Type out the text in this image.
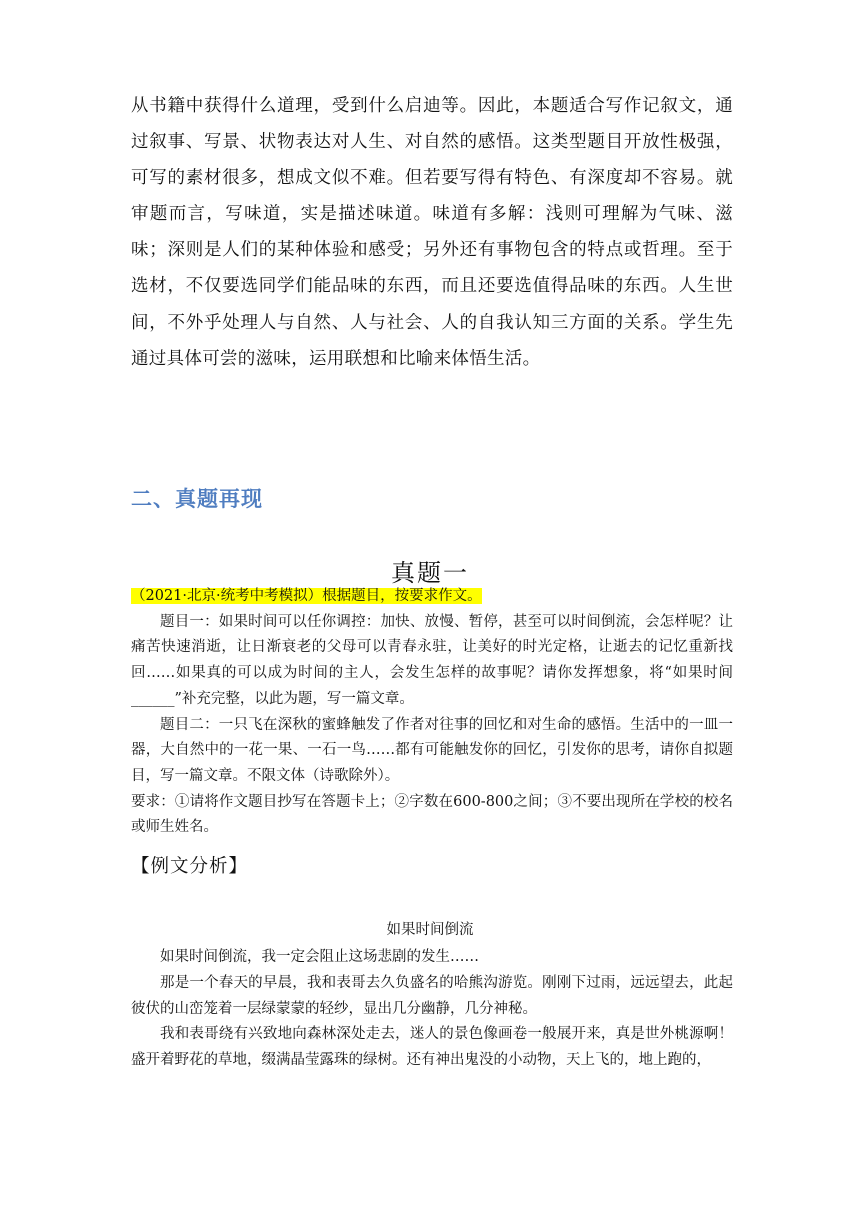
从书籍中获得什么道理，受到什么启迪等。因此，本题适合写作记叙文，通过叙事、写景、状物表达对人生、对自然的感悟。这类型题目开放性极强，可写的素材很多，想成文似不难。但若要写得有特色、有深度却不容易。就审题而言，写味道，实是描述味道。味道有多解：浅则可理解为气味、滋味；深则是人们的某种体验和感受；另外还有事物包含的特点或哲理。至于选材，不仅要选同学们能品味的东西，而且还要选值得品味的东西。人生世间，不外乎处理人与自然、人与社会、人的自我认知三方面的关系。学生先通过具体可尝的滋味，运用联想和比喻来体悟生活。

二、真题再现
真题一

（2021·北京·统考中考模拟）根据题目，按要求作文。

题目一：如果时间可以任你调控：加快、放慢、暂停，甚至可以时间倒流，会怎样呢？让痛苦快速消逝，让日渐衰老的父母可以青春永驻，让美好的时光定格，让逝去的记忆重新找回……如果真的可以成为时间的主人，会发生怎样的故事呢？请你发挥想象，将“如果时间______”补充完整，以此为题，写一篇文章。

题目二：一只飞在深秋的蜜蜂触发了作者对往事的回忆和对生命的感悟。生活中的一皿一器，大自然中的一花一果、一石一鸟……都有可能触发你的回忆，引发你的思考，请你自拟题目，写一篇文章。不限文体（诗歌除外）。

要求：①请将作文题目抄写在答题卡上；②字数在600-800之间；③不要出现所在学校的校名或师生姓名。

【例文分析】
如果时间倒流

如果时间倒流，我一定会阻止这场悲剧的发生……

那是一个春天的早晨，我和表哥去久负盛名的哈熊沟游览。刚刚下过雨，远远望去，此起彼伏的山峦笼着一层绿蒙蒙的轻纱，显出几分幽静，几分神秘。

我和表哥绕有兴致地向森林深处走去，迷人的景色像画卷一般展开来，真是世外桃源啊！盛开着野花的草地，缀满晶莹露珠的绿树。还有神出鬼没的小动物，天上飞的，地上跑的，
